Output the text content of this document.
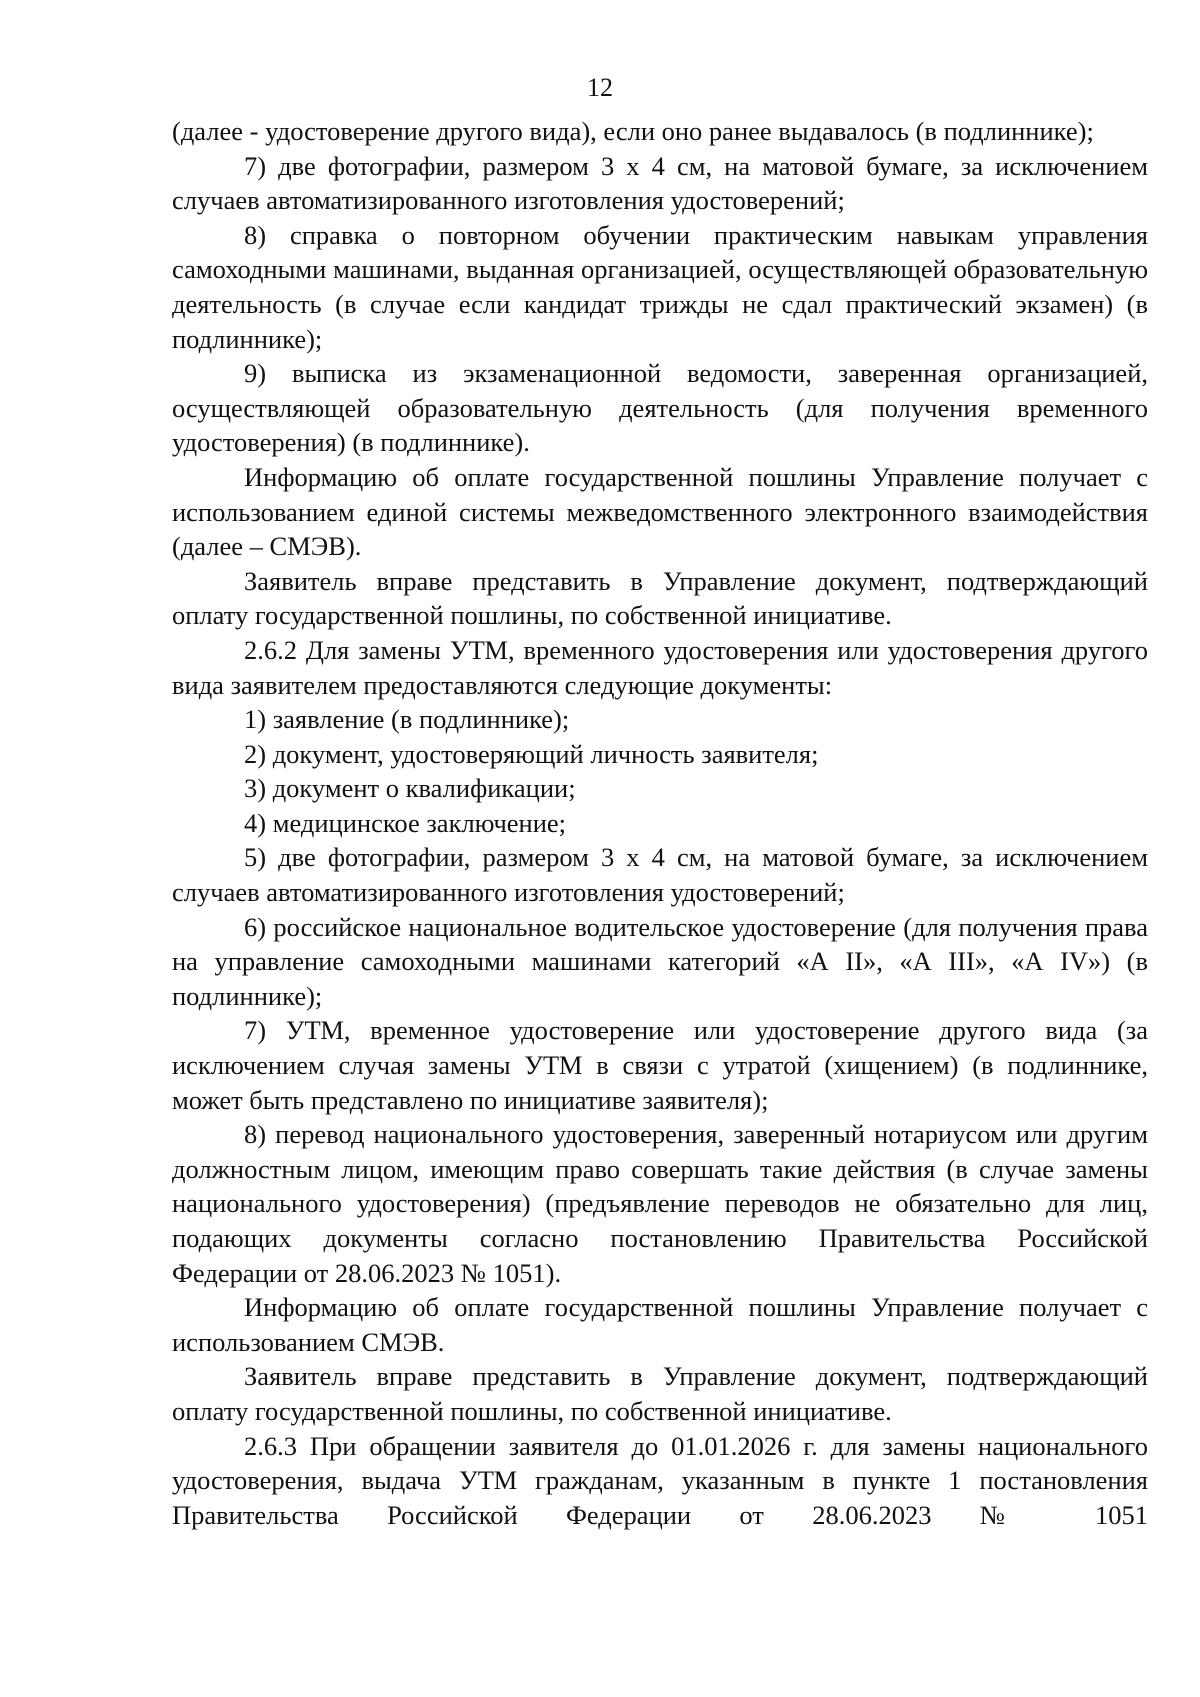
12

(далее - удостоверение другого вида), если оно ранее выдавалось (в подлиннике);

7) две фотографии, размером 3 х 4 см, на матовой бумаге, за исключением случаев автоматизированного изготовления удостоверений;

8) справка о повторном обучении практическим навыкам управления самоходными машинами, выданная организацией, осуществляющей образовательную деятельность (в случае если кандидат трижды не сдал практический экзамен) (в подлиннике);

9) выписка из экзаменационной ведомости, заверенная организацией, осуществляющей образовательную деятельность (для получения временного удостоверения) (в подлиннике).

Информацию об оплате государственной пошлины Управление получает с использованием единой системы межведомственного электронного взаимодействия (далее – СМЭВ).

Заявитель вправе представить в Управление документ, подтверждающий оплату государственной пошлины, по собственной инициативе.

2.6.2 Для замены УТМ, временного удостоверения или удостоверения другого вида заявителем предоставляются следующие документы:

1) заявление (в подлиннике);

2) документ, удостоверяющий личность заявителя;

3) документ о квалификации;

4) медицинское заключение;

5) две фотографии, размером 3 х 4 см, на матовой бумаге, за исключением случаев автоматизированного изготовления удостоверений;

6) российское национальное водительское удостоверение (для получения права на управление самоходными машинами категорий «А II», «А III», «А IV») (в подлиннике);

7) УТМ, временное удостоверение или удостоверение другого вида (за исключением случая замены УТМ в связи с утратой (хищением) (в подлиннике, может быть представлено по инициативе заявителя);

8) перевод национального удостоверения, заверенный нотариусом или другим должностным лицом, имеющим право совершать такие действия (в случае замены национального удостоверения) (предъявление переводов не обязательно для лиц, подающих документы согласно постановлению Правительства Российской Федерации от 28.06.2023 № 1051).

Информацию об оплате государственной пошлины Управление получает с использованием СМЭВ.

Заявитель вправе представить в Управление документ, подтверждающий оплату государственной пошлины, по собственной инициативе.

2.6.3 При обращении заявителя до 01.01.2026 г. для замены национального удостоверения, выдача УТМ гражданам, указанным в пункте 1 постановления Правительства Российской Федерации от 28.06.2023 № 1051
